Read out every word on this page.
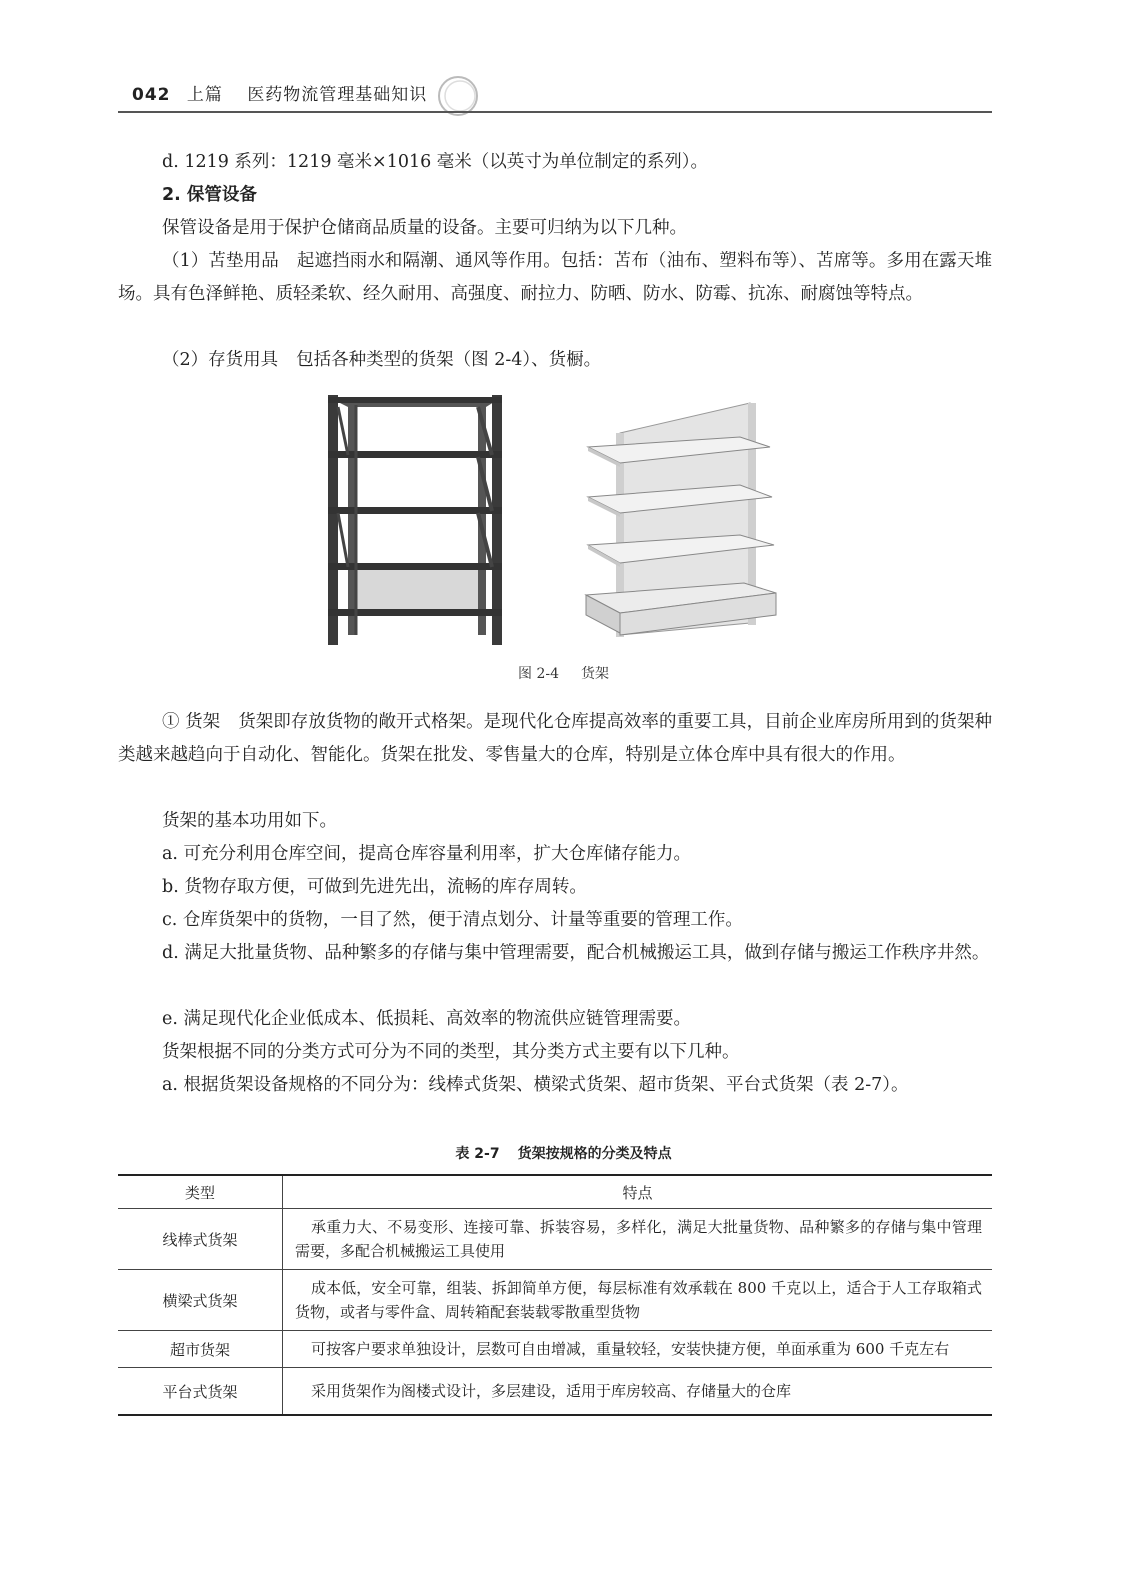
042 上篇 医药物流管理基础知识
d. 1219 系列：1219 毫米×1016 毫米（以英寸为单位制定的系列）。
2. 保管设备
保管设备是用于保护仓储商品质量的设备。主要可归纳为以下几种。
（1）苫垫用品 起遮挡雨水和隔潮、通风等作用。包括：苫布（油布、塑料布等）、苫席等。多用在露天堆场。具有色泽鲜艳、质轻柔软、经久耐用、高强度、耐拉力、防晒、防水、防霉、抗冻、耐腐蚀等特点。
（2）存货用具 包括各种类型的货架（图 2-4）、货橱。
图 2-4 货架
① 货架 货架即存放货物的敞开式格架。是现代化仓库提高效率的重要工具，目前企业库房所用到的货架种类越来越趋向于自动化、智能化。货架在批发、零售量大的仓库，特别是立体仓库中具有很大的作用。
货架的基本功用如下。
a. 可充分利用仓库空间，提高仓库容量利用率，扩大仓库储存能力。
b. 货物存取方便，可做到先进先出，流畅的库存周转。
c. 仓库货架中的货物，一目了然，便于清点划分、计量等重要的管理工作。
d. 满足大批量货物、品种繁多的存储与集中管理需要，配合机械搬运工具，做到存储与搬运工作秩序井然。
e. 满足现代化企业低成本、低损耗、高效率的物流供应链管理需要。
货架根据不同的分类方式可分为不同的类型，其分类方式主要有以下几种。
a. 根据货架设备规格的不同分为：线棒式货架、横梁式货架、超市货架、平台式货架（表 2-7）。
表 2-7 货架按规格的分类及特点
类型	特点
线棒式货架	承重力大、不易变形、连接可靠、拆装容易，多样化，满足大批量货物、品种繁多的存储与集中管理需要，多配合机械搬运工具使用
横梁式货架	成本低，安全可靠，组装、拆卸简单方便，每层标准有效承载在 800 千克以上，适合于人工存取箱式货物，或者与零件盒、周转箱配套装载零散重型货物
超市货架	可按客户要求单独设计，层数可自由增减，重量较轻，安装快捷方便，单面承重为 600 千克左右
平台式货架	采用货架作为阁楼式设计，多层建设，适用于库房较高、存储量大的仓库
